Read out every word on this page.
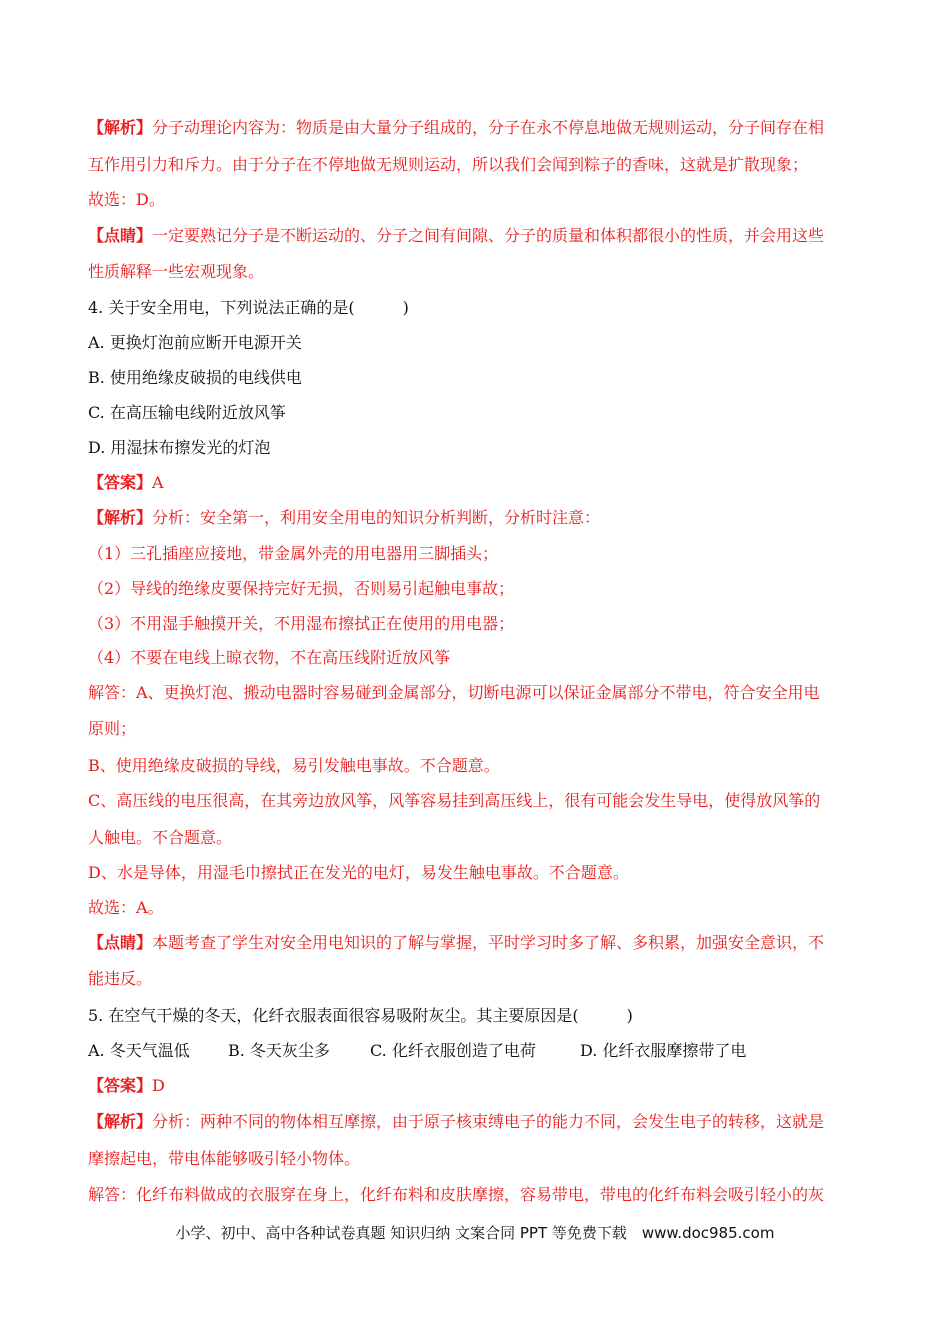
【解析】分子动理论内容为：物质是由大量分子组成的，分子在永不停息地做无规则运动，分子间存在相
互作用引力和斥力。由于分子在不停地做无规则运动，所以我们会闻到粽子的香味，这就是扩散现象；
故选：D。
【点睛】一定要熟记分子是不断运动的、分子之间有间隙、分子的质量和体积都很小的性质，并会用这些
性质解释一些宏观现象。
4. 关于安全用电，下列说法正确的是(　　　)
A. 更换灯泡前应断开电源开关
B. 使用绝缘皮破损的电线供电
C. 在高压输电线附近放风筝
D. 用湿抹布擦发光的灯泡
【答案】A
【解析】分析：安全第一，利用安全用电的知识分析判断，分析时注意：
（1）三孔插座应接地，带金属外壳的用电器用三脚插头；
（2）导线的绝缘皮要保持完好无损，否则易引起触电事故；
（3）不用湿手触摸开关，不用湿布擦拭正在使用的用电器；
（4）不要在电线上晾衣物，不在高压线附近放风筝
解答：A、更换灯泡、搬动电器时容易碰到金属部分，切断电源可以保证金属部分不带电，符合安全用电
原则；
B、使用绝缘皮破损的导线，易引发触电事故。不合题意。
C、高压线的电压很高，在其旁边放风筝，风筝容易挂到高压线上，很有可能会发生导电，使得放风筝的
人触电。不合题意。
D、水是导体，用湿毛巾擦拭正在发光的电灯，易发生触电事故。不合题意。
故选：A。
【点睛】本题考查了学生对安全用电知识的了解与掌握，平时学习时多了解、多积累，加强安全意识，不
能违反。
5. 在空气干燥的冬天，化纤衣服表面很容易吸附灰尘。其主要原因是(　　　)
A. 冬天气温低 B. 冬天灰尘多	C. 化纤衣服创造了电荷	D. 化纤衣服摩擦带了电
【答案】D
【解析】分析：两种不同的物体相互摩擦，由于原子核束缚电子的能力不同，会发生电子的转移，这就是
摩擦起电，带电体能够吸引轻小物体。
解答：化纤布料做成的衣服穿在身上，化纤布料和皮肤摩擦，容易带电，带电的化纤布料会吸引轻小的灰
小学、初中、高中各种试卷真题 知识归纳 文案合同 PPT 等免费下载　www.doc985.com
